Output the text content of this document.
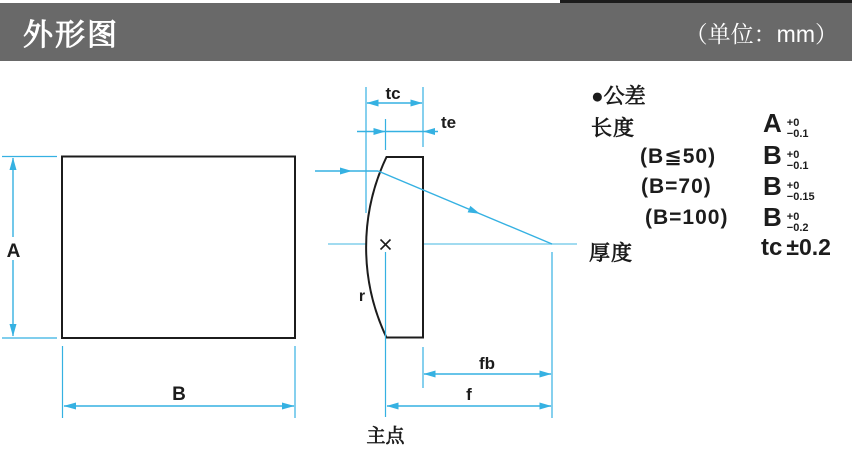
外形图	（单位：mm）
A
B
tc
te
r
fb
f
主点
●公差
长度	A +0
−0.1
(B≦50) B +0
−0.1
(B=70) B +0
−0.15
(B=100) B +0
−0.2
厚度	tc ±0.2
